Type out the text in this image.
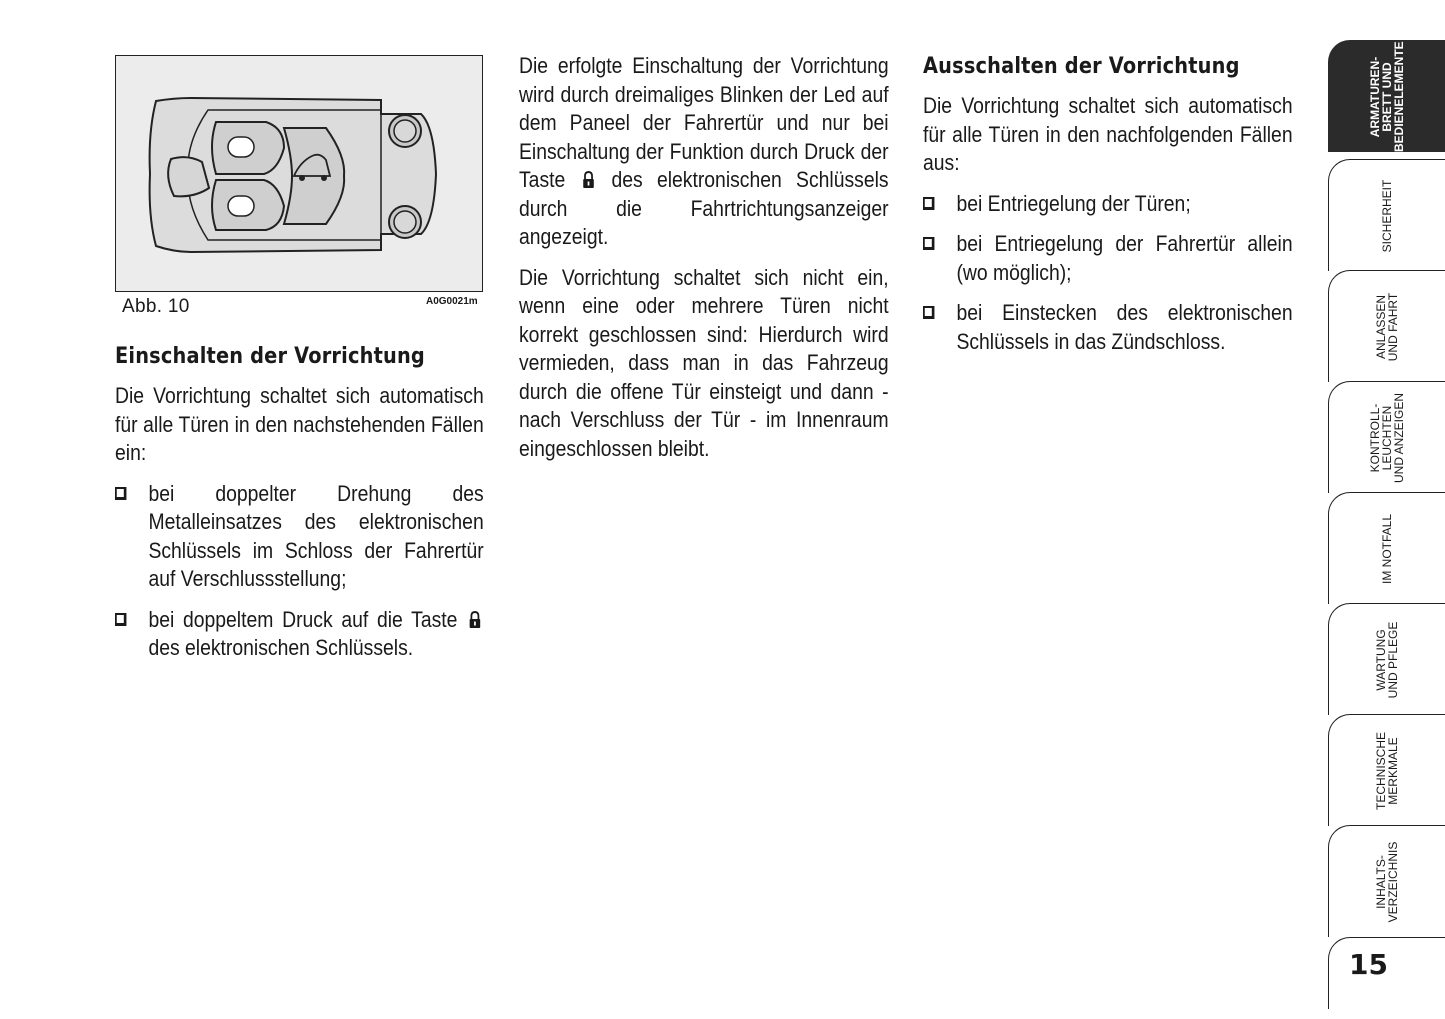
Abb. 10	A0G0021m
Einschalten der Vorrichtung
Die Vorrichtung schaltet sich automatisch für alle Türen in den nachstehenden Fällen ein:
bei doppelter Drehung des Metalleinsatzes des elektronischen Schlüssels im Schloss der Fahrertür auf Verschlussstellung;
bei doppeltem Druck auf die Taste  des elektronischen Schlüssels.
Die erfolgte Einschaltung der Vorrichtung wird durch dreimaliges Blinken der Led auf dem Paneel der Fahrertür und nur bei Einschaltung der Funktion durch Druck der Taste des elektronischen Schlüssels durch die Fahrtrichtungsanzeiger angezeigt.
Die Vorrichtung schaltet sich nicht ein, wenn eine oder mehrere Türen nicht korrekt geschlossen sind: Hierdurch wird vermieden, dass man in das Fahrzeug durch die offene Tür einsteigt und dann - nach Verschluss der Tür - im Innenraum eingeschlossen bleibt.
Ausschalten der Vorrichtung
Die Vorrichtung schaltet sich automatisch für alle Türen in den nachfolgenden Fällen aus:
bei Entriegelung der Türen;
bei Entriegelung der Fahrertür allein (wo möglich);
bei Einstecken des elektronischen Schlüssels in das Zündschloss.
ARMATUREN-
BRETT UND
BEDIENELEMENTE
SICHERHEIT
ANLASSEN
UND FAHRT
KONTROLL-
LEUCHTEN
UND ANZEIGEN
IM NOTFALL
WARTUNG
UND PFLEGE
TECHNISCHE
MERKMALE
INHALTS-
VERZEICHNIS
15
